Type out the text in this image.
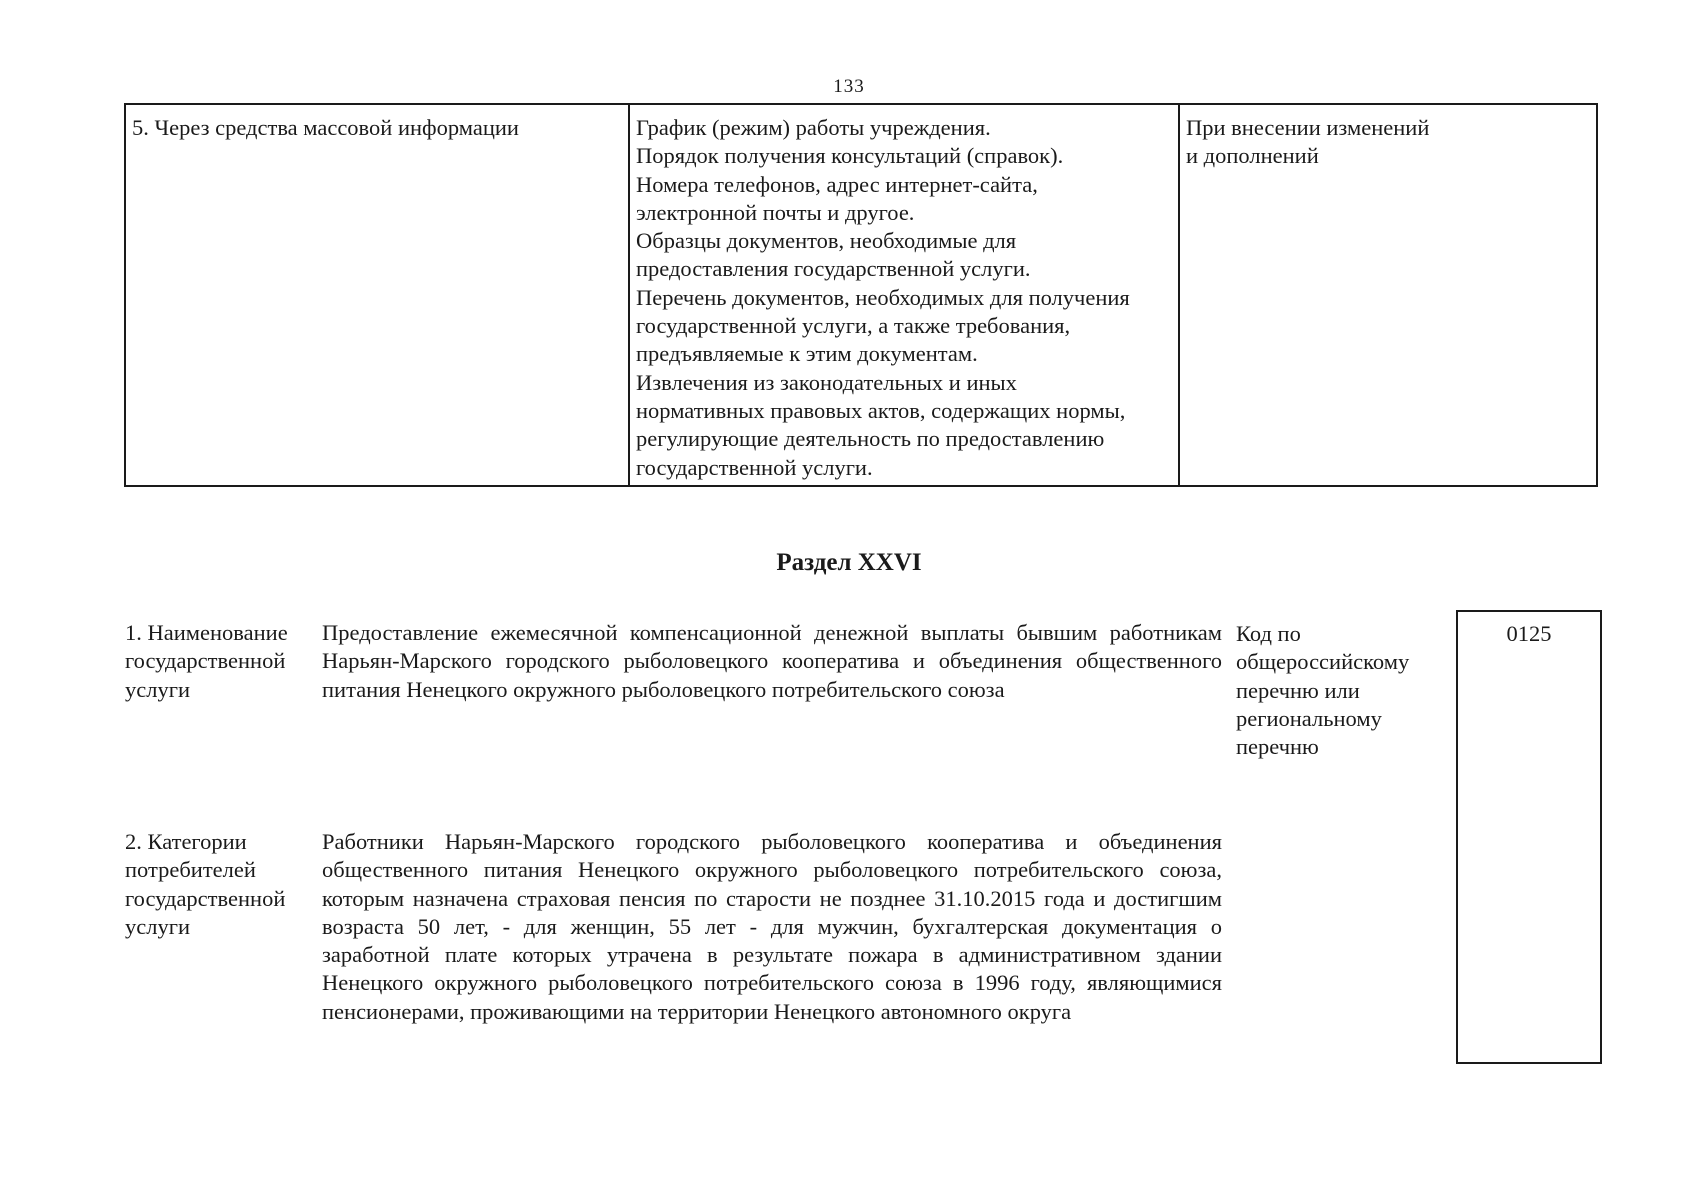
133
5. Через средства массовой информации	График (режим) работы учреждения.
Порядок получения консультаций (справок).
Номера телефонов, адрес интернет-сайта,
электронной почты и другое.
Образцы документов, необходимые для
предоставления государственной услуги.
Перечень документов, необходимых для получения
государственной услуги, а также требования,
предъявляемые к этим документам.
Извлечения из законодательных и иных
нормативных правовых актов, содержащих нормы,
регулирующие деятельность по предоставлению
государственной услуги.
При внесении изменений
и дополнений
Раздел XXVI
1. Наименование государственной услуги
Предоставление ежемесячной компенсационной денежной выплаты бывшим работникам Нарьян-Марского городского рыболовецкого кооператива и объединения общественного питания Ненецкого окружного рыболовецкого потребительского союза
Код по общероссийскому перечню или региональному перечню
0125
2. Категории потребителей государственной услуги
Работники Нарьян-Марского городского рыболовецкого кооператива и объединения общественного питания Ненецкого окружного рыболовецкого потребительского союза, которым назначена страховая пенсия по старости не позднее 31.10.2015 года и достигшим возраста 50 лет, - для женщин, 55 лет - для мужчин, бухгалтерская документация о заработной плате которых утрачена в результате пожара в административном здании Ненецкого окружного рыболовецкого потребительского союза в 1996 году, являющимися пенсионерами, проживающими на территории Ненецкого автономного округа
